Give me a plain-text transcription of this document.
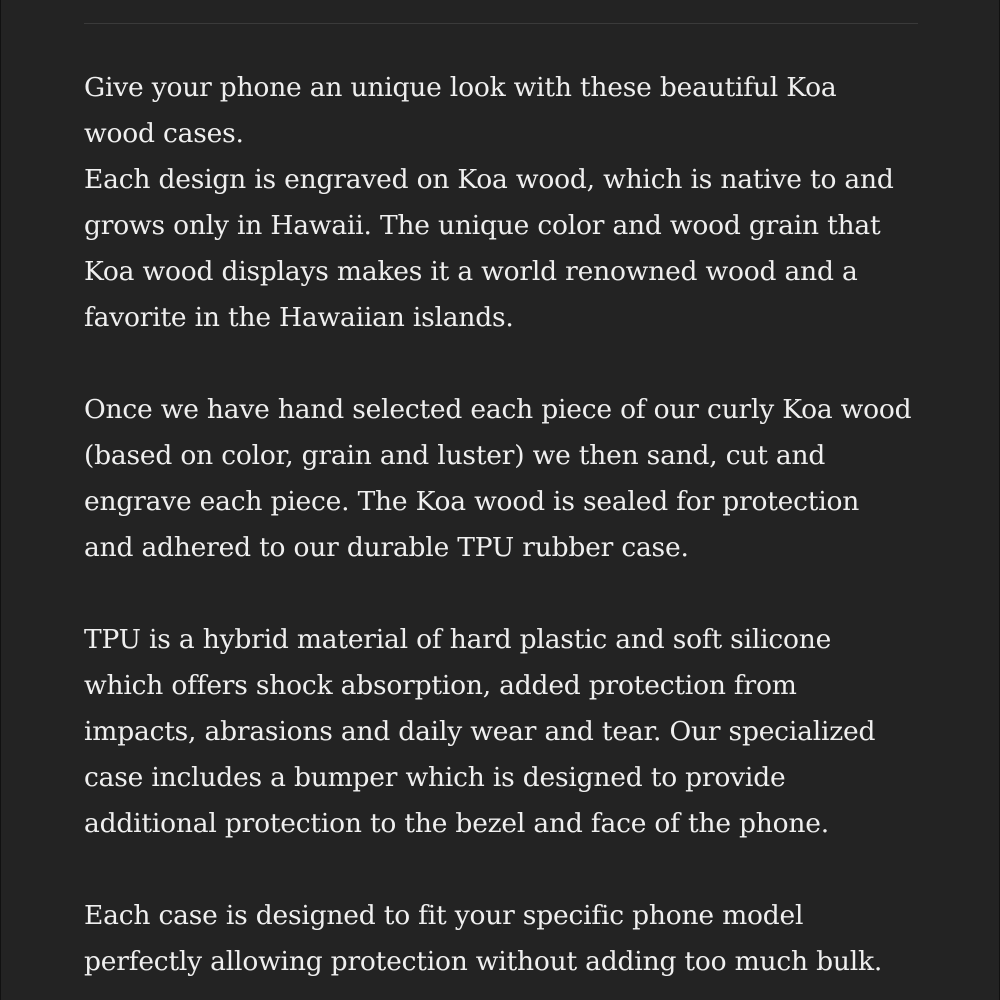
Give your phone an unique look with these beautiful Koa
wood cases.
Each design is engraved on Koa wood, which is native to and
grows only in Hawaii. The unique color and wood grain that
Koa wood displays makes it a world renowned wood and a
favorite in the Hawaiian islands.

Once we have hand selected each piece of our curly Koa wood
(based on color, grain and luster) we then sand, cut and
engrave each piece. The Koa wood is sealed for protection
and adhered to our durable TPU rubber case.

TPU is a hybrid material of hard plastic and soft silicone
which offers shock absorption, added protection from
impacts, abrasions and daily wear and tear. Our specialized
case includes a bumper which is designed to provide
additional protection to the bezel and face of the phone.

Each case is designed to fit your specific phone model
perfectly allowing protection without adding too much bulk.
